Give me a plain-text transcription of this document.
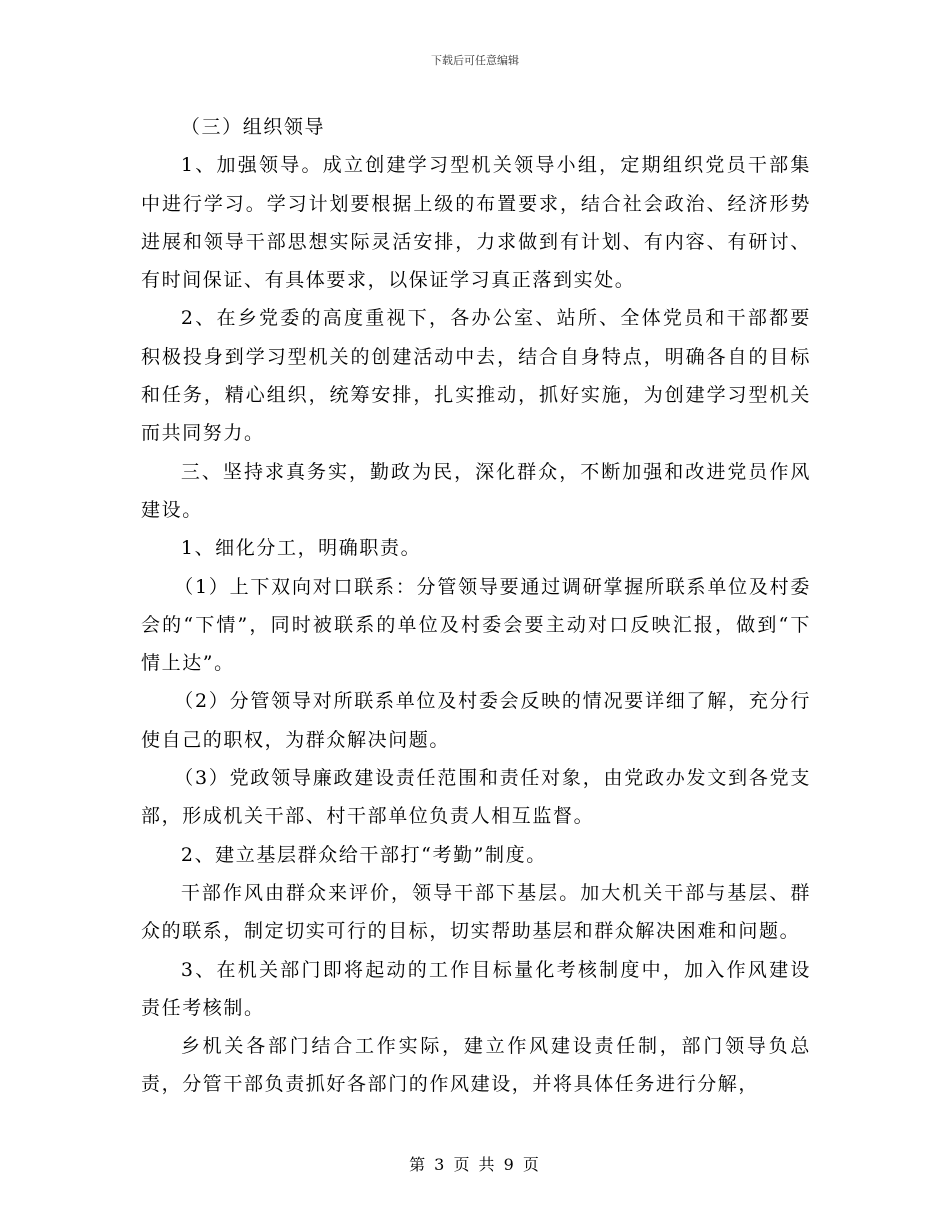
下载后可任意编辑

（三）组织领导

1、加强领导。成立创建学习型机关领导小组，定期组织党员干部集中进行学习。学习计划要根据上级的布置要求，结合社会政治、经济形势进展和领导干部思想实际灵活安排，力求做到有计划、有内容、有研讨、有时间保证、有具体要求，以保证学习真正落到实处。

2、在乡党委的高度重视下，各办公室、站所、全体党员和干部都要积极投身到学习型机关的创建活动中去，结合自身特点，明确各自的目标和任务，精心组织，统筹安排，扎实推动，抓好实施，为创建学习型机关而共同努力。

三、坚持求真务实，勤政为民，深化群众，不断加强和改进党员作风建设。

1、细化分工，明确职责。

（1）上下双向对口联系：分管领导要通过调研掌握所联系单位及村委会的“下情”，同时被联系的单位及村委会要主动对口反映汇报，做到“下情上达”。

（2）分管领导对所联系单位及村委会反映的情况要详细了解，充分行使自己的职权，为群众解决问题。

（3）党政领导廉政建设责任范围和责任对象，由党政办发文到各党支部，形成机关干部、村干部单位负责人相互监督。

2、建立基层群众给干部打“考勤”制度。

干部作风由群众来评价，领导干部下基层。加大机关干部与基层、群众的联系，制定切实可行的目标，切实帮助基层和群众解决困难和问题。

3、在机关部门即将起动的工作目标量化考核制度中，加入作风建设责任考核制。

乡机关各部门结合工作实际，建立作风建设责任制，部门领导负总责，分管干部负责抓好各部门的作风建设，并将具体任务进行分解，

第 3 页 共 9 页
